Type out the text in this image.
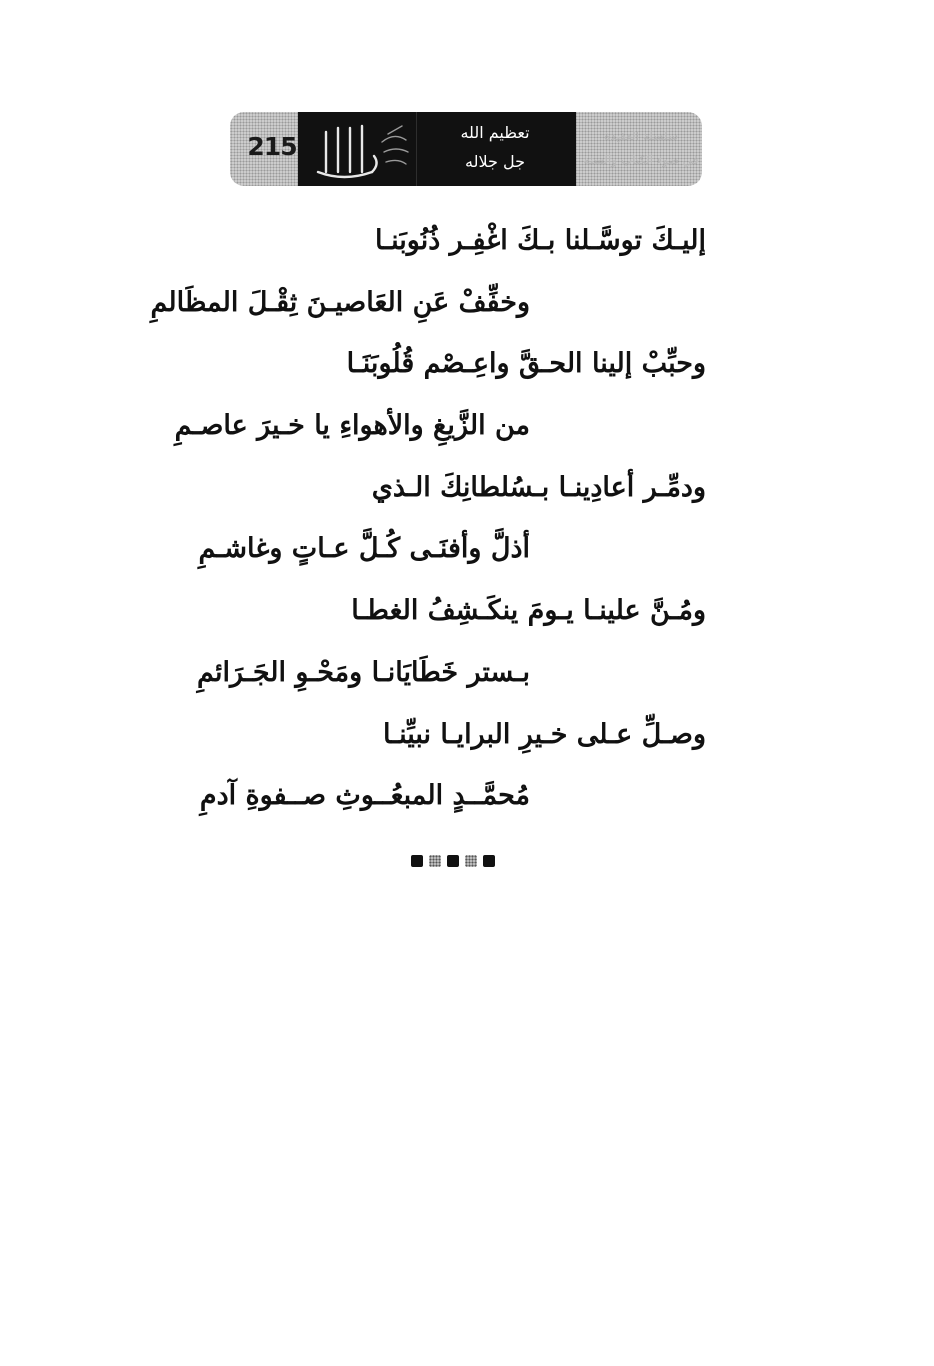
215	تعظيم الله
جل جلاله
سلسلة العقيدة
في ضوء الكتاب والسنة
إليـكَ توسَّـلنا بـكَ اغْفِـر ذُنُوبَنـا
وخفِّفْ عَنِ العَاصيـنَ ثِقْـلَ المظَالمِ
وحبِّبْ إلينا الحـقَّ واعِـصْم قُلُوبَنَـا
من الزَّيغِ والأهواءِ يا خـيرَ عاصـمِ
ودمِّـر أعادِينـا بـسُلطانِكَ الـذي
أذلَّ وأفنَـى كُـلَّ عـاتٍ وغاشـمِ
ومُـنَّ علينـا يـومَ ينكَـشِفُ الغطـا
بـستر خَطَايَانـا ومَحْـوِ الجَـرَائمِ
وصـلِّ عـلى خـيرِ البرايـا نبيِّنـا
مُحمَّــدٍ المبعُــوثِ صــفوةِ آدمِ
